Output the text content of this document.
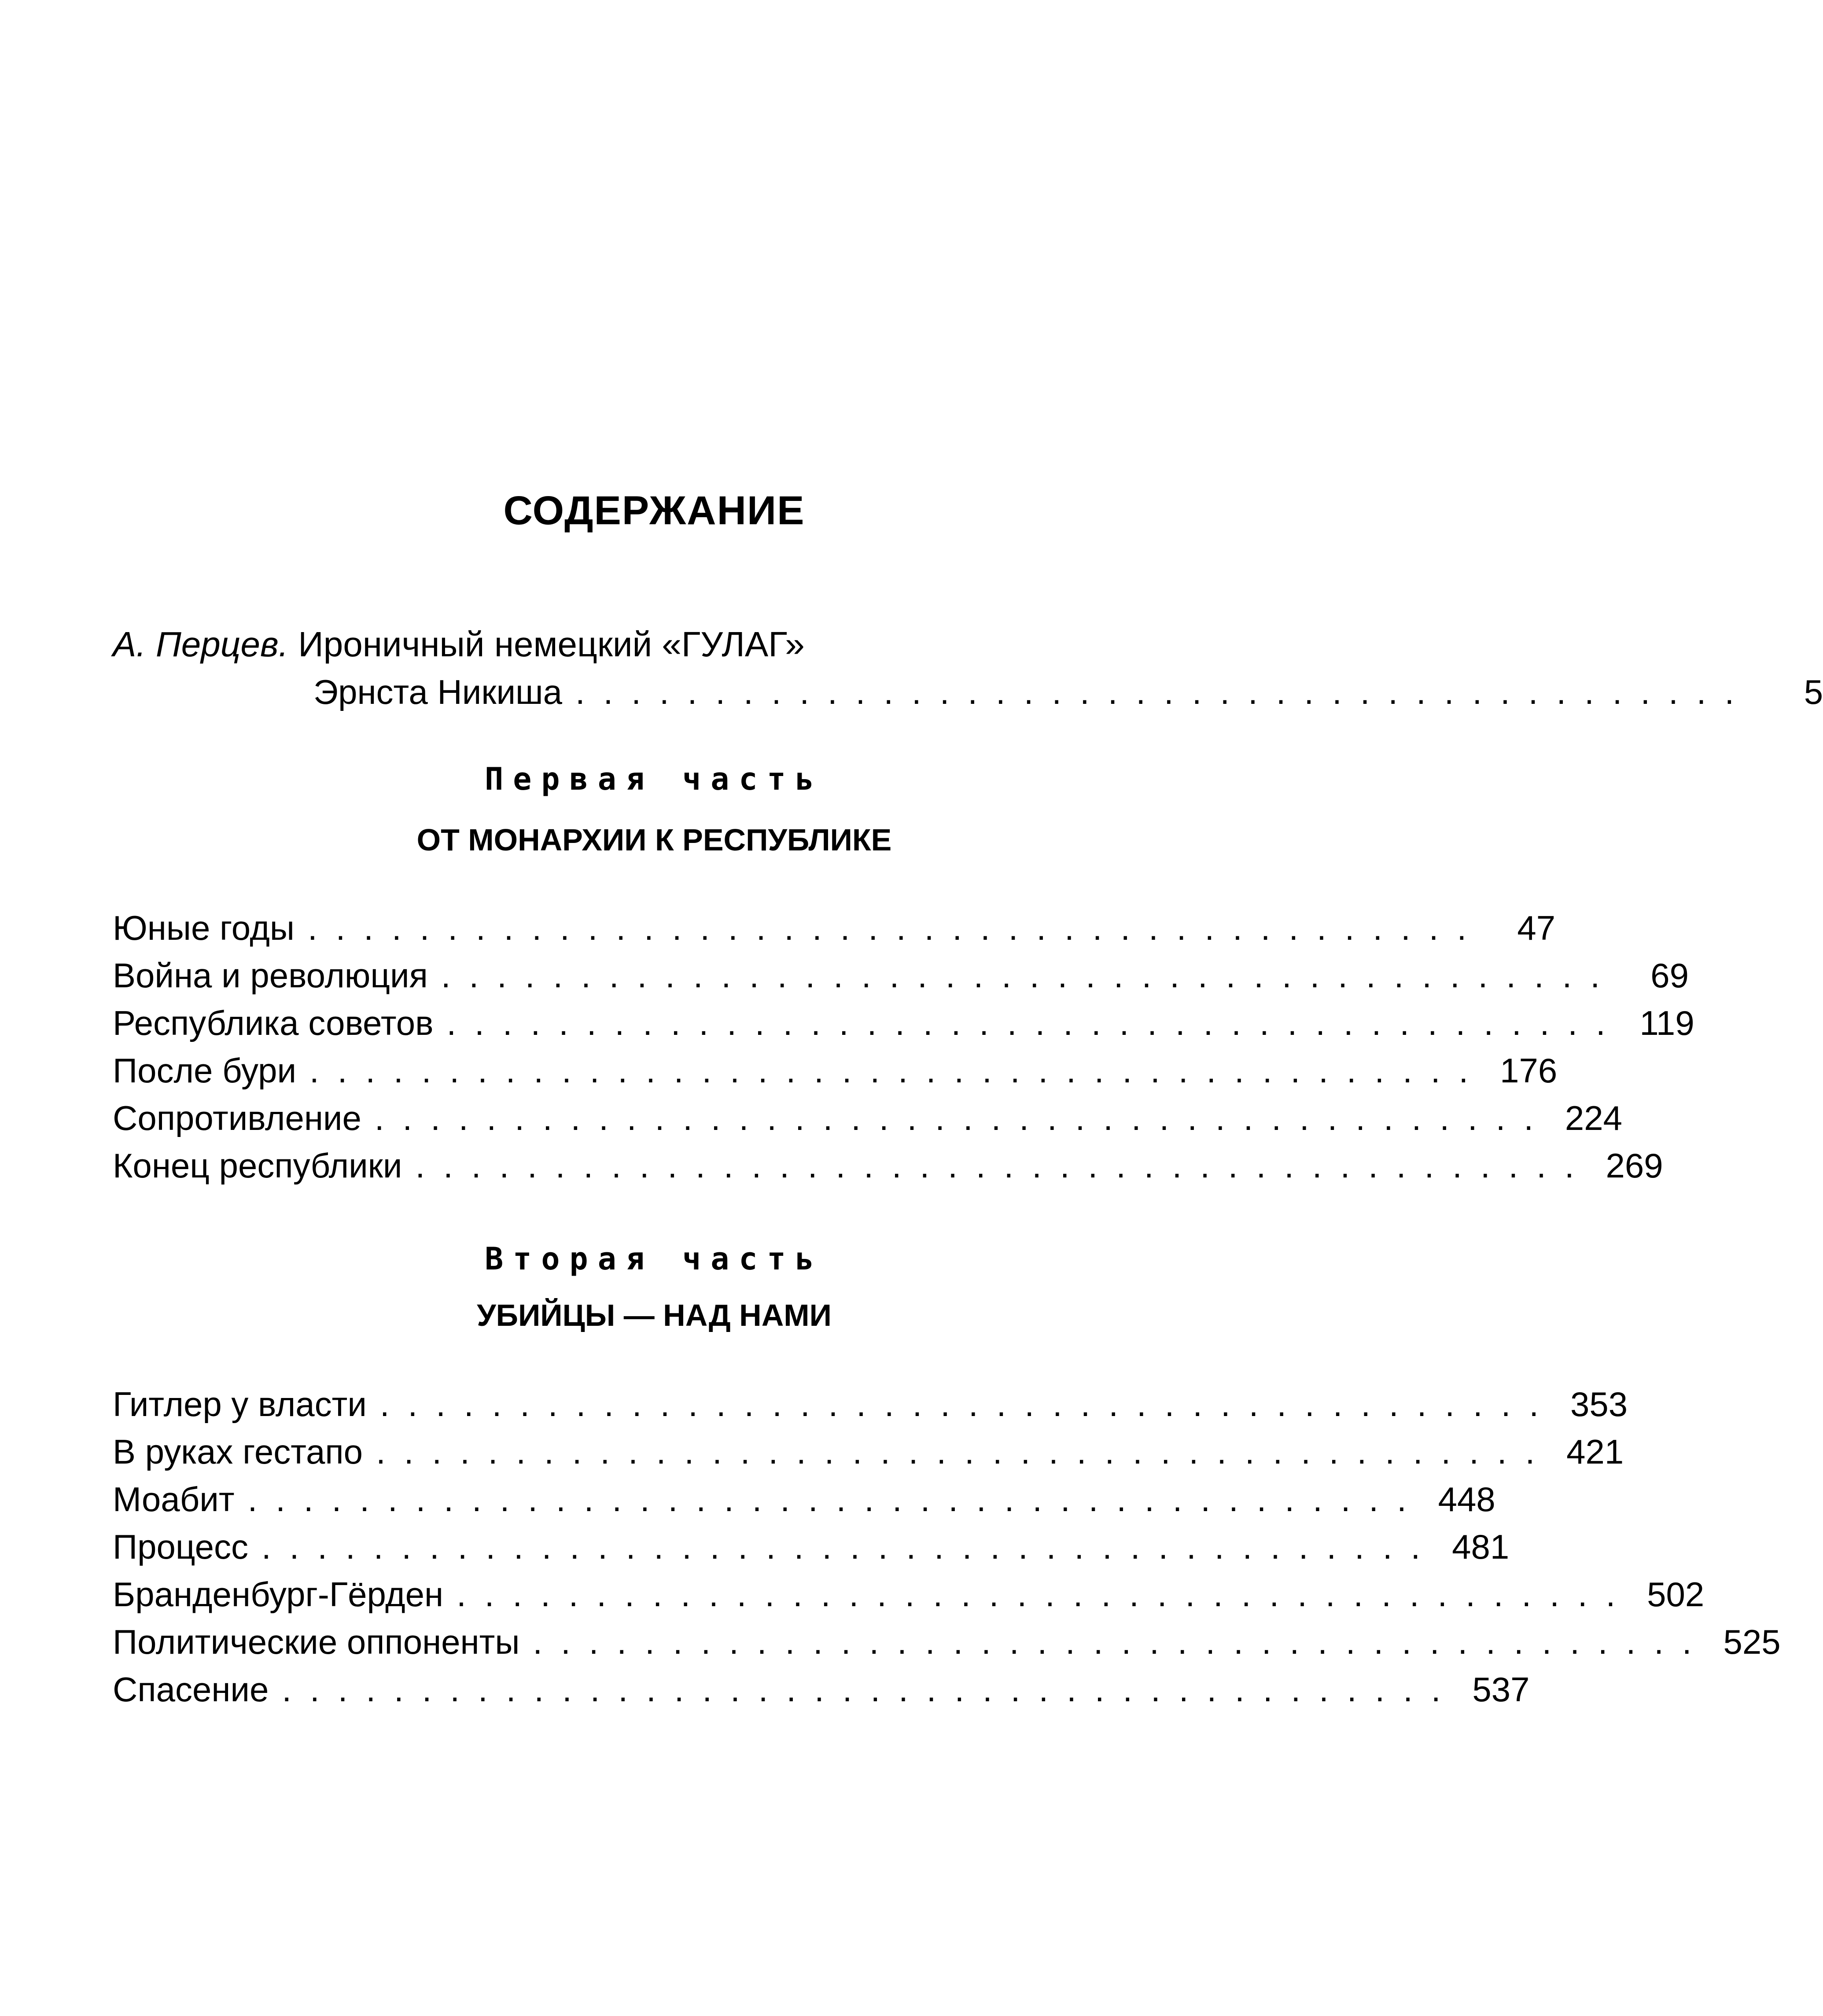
СОДЕРЖАНИЕ
А. Перцев. Ироничный немецкий «ГУЛАГ»
Эрнста Никиша ..........................................	5
Первая часть
ОТ МОНАРХИИ К РЕСПУБЛИКЕ
Юные годы .......................................... 47
Война и революция .......................................... 69
Республика советов .......................................... 119
После бури .......................................... 176
Сопротивление .......................................... 224
Конец республики .......................................... 269
Вторая часть
УБИЙЦЫ — НАД НАМИ
Гитлер у власти .......................................... 353
В руках гестапо .......................................... 421
Моабит .......................................... 448
Процесс .......................................... 481
Бранденбург-Гёрден .......................................... 502
Политические оппоненты .......................................... 525
Спасение .......................................... 537
